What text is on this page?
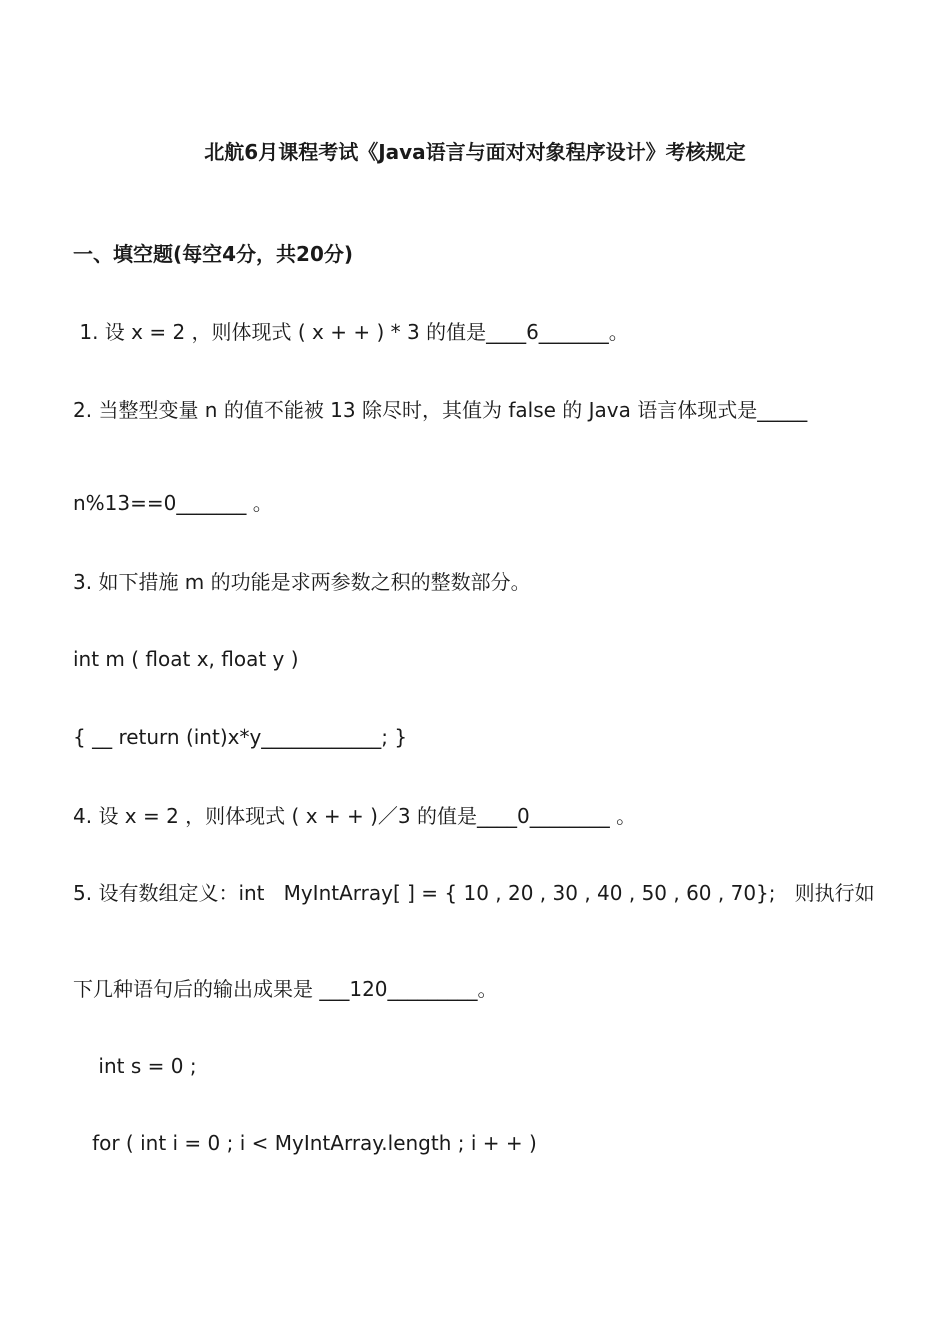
北航6月课程考试《Java语言与面对对象程序设计》考核规定
一、填空题(每空4分，共20分)
1. 设 x = 2 ，则体现式 ( x + + ) * 3 的值是____6_______。
2. 当整型变量 n 的值不能被 13 除尽时，其值为 false 的 Java 语言体现式是_____
n%13==0_______ 。
3. 如下措施 m 的功能是求两参数之积的整数部分。
int m ( float x, float y )
{ __ return (int)x*y____________; }
4. 设 x = 2 ，则体现式 ( x + + )／3 的值是____0________ 。
5. 设有数组定义：int   MyIntArray[ ] = { 10 , 20 , 30 , 40 , 50 , 60 , 70};   则执行如
下几种语句后的输出成果是 ___120_________。
int s = 0 ;
for ( int i = 0 ; i < MyIntArray.length ; i + + )
